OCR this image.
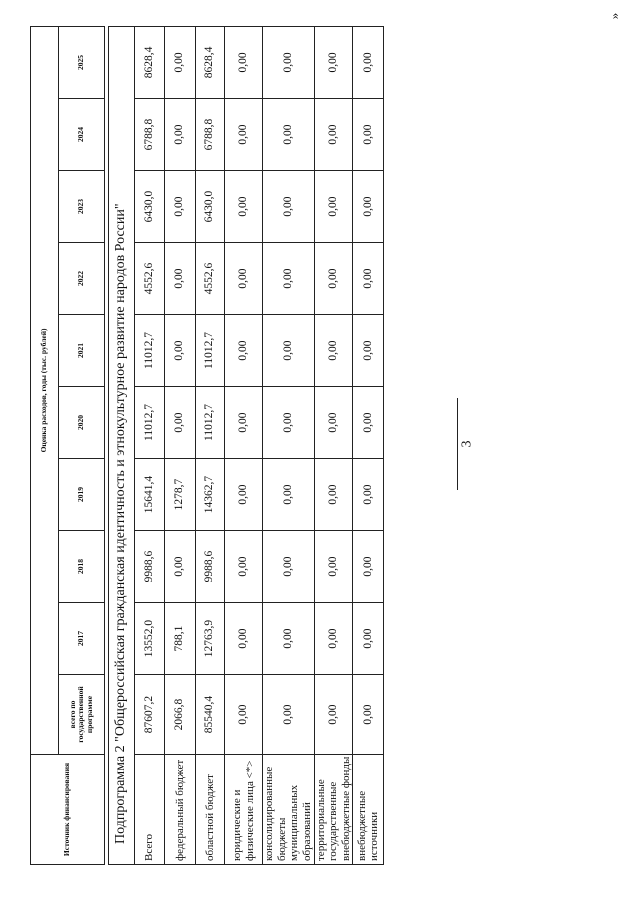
3
»
Источник финансирования	Оценка расходов, годы (тыс. рублей)									
	всего по государственной программе	2017	2018	2019	2020	2021	2022	2023	2024	2025
Подпрограмма 2 "Общероссийская гражданская идентичность и этнокультурное развитие народов России"										
Всего	87607,2	13552,0	9988,6	15641,4	11012,7	11012,7	4552,6	6430,0	6788,8	8628,4
федеральный бюджет	2066,8	788,1	0,00	1278,7	0,00	0,00	0,00	0,00	0,00	0,00
областной бюджет	85540,4	12763,9	9988,6	14362,7	11012,7	11012,7	4552,6	6430,0	6788,8	8628,4
юридические и физические лица <*>	0,00	0,00	0,00	0,00	0,00	0,00	0,00	0,00	0,00	0,00
консолидированные бюджеты муниципальных образований	0,00	0,00	0,00	0,00	0,00	0,00	0,00	0,00	0,00	0,00
территориальные государственные внебюджетные фонды	0,00	0,00	0,00	0,00	0,00	0,00	0,00	0,00	0,00	0,00
внебюджетные источники	0,00	0,00	0,00	0,00	0,00	0,00	0,00	0,00	0,00	0,00
